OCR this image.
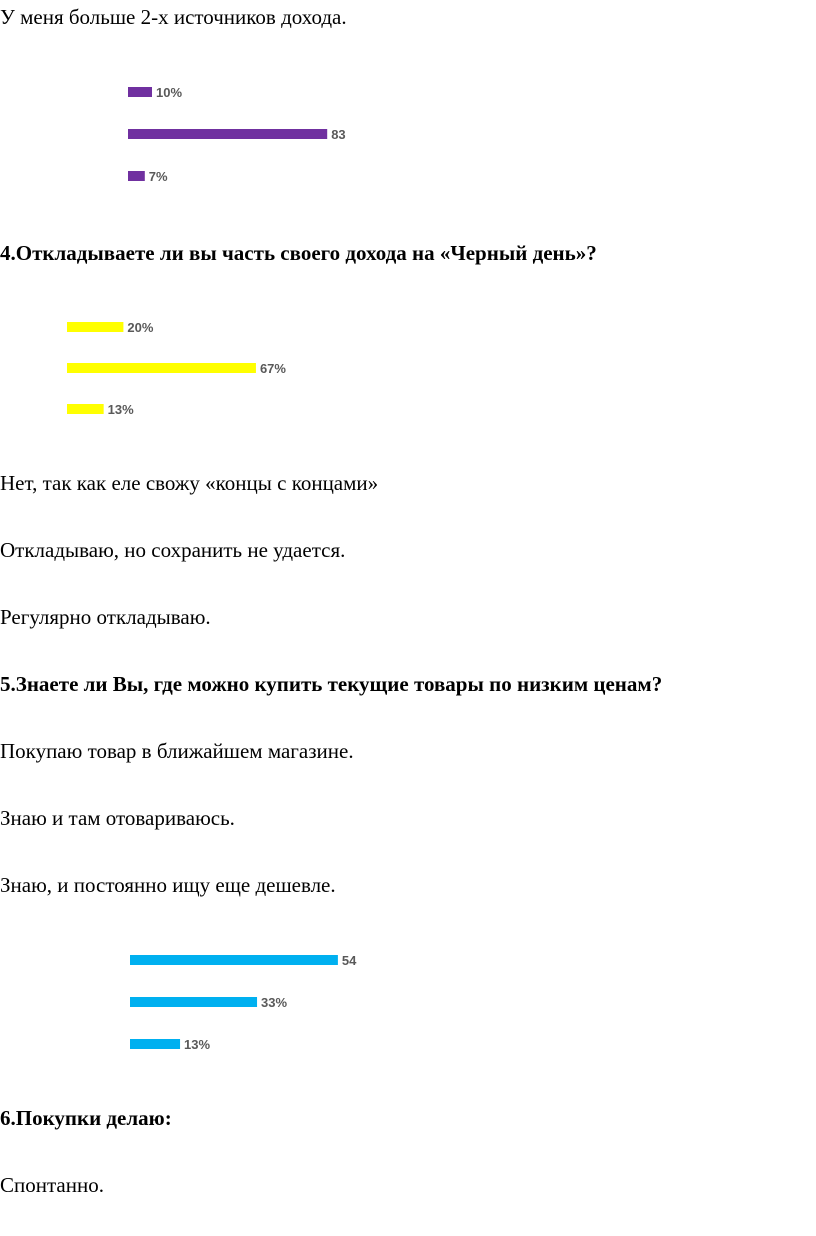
У меня больше 2-х источников дохода.
10%
83
7%
4.Откладываете ли вы часть своего дохода на «Черный день»?
20%
67%
13%
Нет, так как еле свожу «концы с концами»
Откладываю, но сохранить не удается.
Регулярно откладываю.
5.Знаете ли Вы, где можно купить текущие товары по низким ценам?
Покупаю товар в ближайшем магазине.
Знаю и там отовариваюсь.
Знаю, и постоянно ищу еще дешевле.
54
33%
13%
6.Покупки делаю:
Спонтанно.
